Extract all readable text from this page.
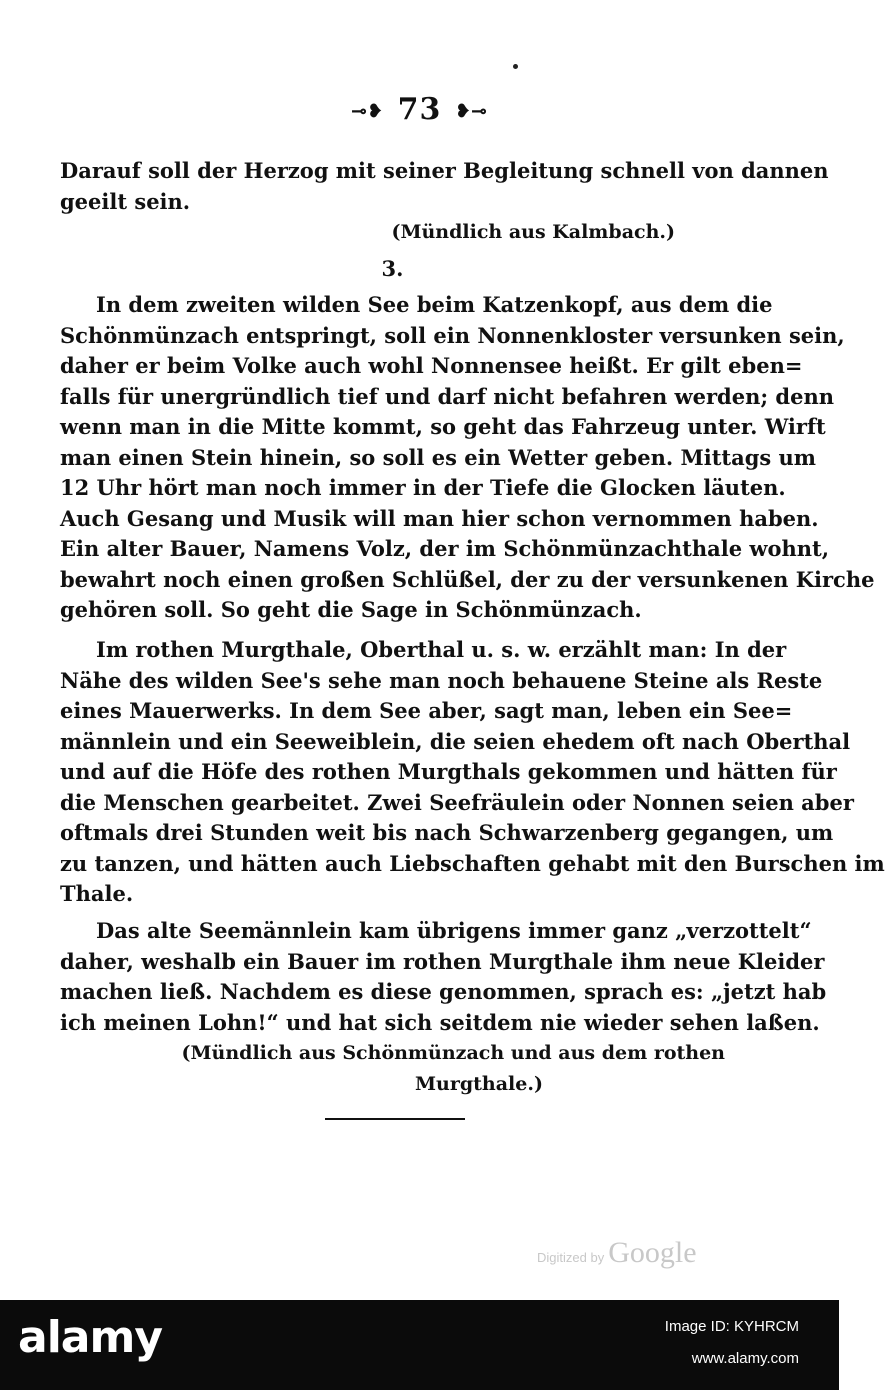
⊸❥ 73 ❥⊸
Darauf soll der Herzog mit seiner Begleitung schnell von dannen
geeilt sein.
(Mündlich aus Kalmbach.)
3.
In dem zweiten wilden See beim Katzenkopf, aus dem die
Schönmünzach entspringt, soll ein Nonnenkloster versunken sein,
daher er beim Volke auch wohl Nonnensee heißt. Er gilt eben=
falls für unergründlich tief und darf nicht befahren werden; denn
wenn man in die Mitte kommt, so geht das Fahrzeug unter. Wirft
man einen Stein hinein, so soll es ein Wetter geben. Mittags um
12 Uhr hört man noch immer in der Tiefe die Glocken läuten.
Auch Gesang und Musik will man hier schon vernommen haben.
Ein alter Bauer, Namens Volz, der im Schönmünzachthale wohnt,
bewahrt noch einen großen Schlüßel, der zu der versunkenen Kirche
gehören soll. So geht die Sage in Schönmünzach.
Im rothen Murgthale, Oberthal u. s. w. erzählt man: In der
Nähe des wilden See's sehe man noch behauene Steine als Reste
eines Mauerwerks. In dem See aber, sagt man, leben ein See=
männlein und ein Seeweiblein, die seien ehedem oft nach Oberthal
und auf die Höfe des rothen Murgthals gekommen und hätten für
die Menschen gearbeitet. Zwei Seefräulein oder Nonnen seien aber
oftmals drei Stunden weit bis nach Schwarzenberg gegangen, um
zu tanzen, und hätten auch Liebschaften gehabt mit den Burschen im
Thale.
Das alte Seemännlein kam übrigens immer ganz „verzottelt“
daher, weshalb ein Bauer im rothen Murgthale ihm neue Kleider
machen ließ. Nachdem es diese genommen, sprach es: „jetzt hab
ich meinen Lohn!“ und hat sich seitdem nie wieder sehen laßen.
(Mündlich aus Schönmünzach und aus dem rothen
Murgthale.)
Digitized by Google
alamy	Image ID: KYHRCM
www.alamy.com
